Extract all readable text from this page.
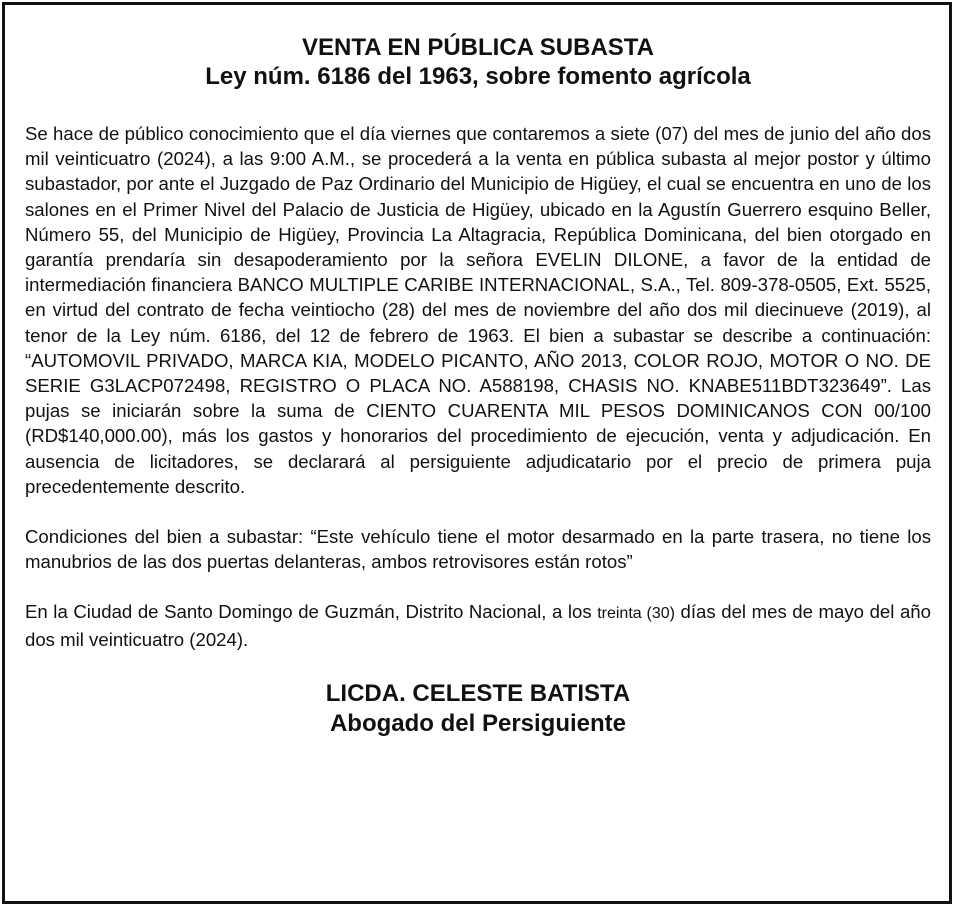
VENTA EN PÚBLICA SUBASTA
Ley núm. 6186 del 1963, sobre fomento agrícola

Se hace de público conocimiento que el día viernes que contaremos a siete (07) del mes de junio del año dos mil veinticuatro (2024), a las 9:00 A.M., se procederá a la venta en pública subasta al mejor postor y último subastador, por ante el Juzgado de Paz Ordinario del Municipio de Higüey, el cual se encuentra en uno de los salones en el Primer Nivel del Palacio de Justicia de Higüey, ubicado en la Agustín Guerrero esquino Beller, Número 55, del Municipio de Higüey, Provincia La Altagracia, República Dominicana, del bien otorgado en garantía prendaría sin desapoderamiento por la señora EVELIN DILONE, a favor de la entidad de intermediación financiera BANCO MULTIPLE CARIBE INTERNACIONAL, S.A., Tel. 809-378-0505, Ext. 5525, en virtud del contrato de fecha veintiocho (28) del mes de noviembre del año dos mil diecinueve (2019), al tenor de la Ley núm. 6186, del 12 de febrero de 1963. El bien a subastar se describe a continuación: “AUTOMOVIL PRIVADO, MARCA KIA, MODELO PICANTO, AÑO 2013, COLOR ROJO, MOTOR O NO. DE SERIE G3LACP072498, REGISTRO O PLACA NO. A588198, CHASIS NO. KNABE511BDT323649”. Las pujas se iniciarán sobre la suma de CIENTO CUARENTA MIL PESOS DOMINICANOS CON 00/100 (RD$140,000.00), más los gastos y honorarios del procedimiento de ejecución, venta y adjudicación. En ausencia de licitadores, se declarará al persiguiente adjudicatario por el precio de primera puja precedentemente descrito.

Condiciones del bien a subastar: “Este vehículo tiene el motor desarmado en la parte trasera, no tiene los manubrios de las dos puertas delanteras, ambos retrovisores están rotos”

En la Ciudad de Santo Domingo de Guzmán, Distrito Nacional, a los treinta (30) días del mes de mayo del año dos mil veinticuatro (2024).

LICDA. CELESTE BATISTA
Abogado del Persiguiente
